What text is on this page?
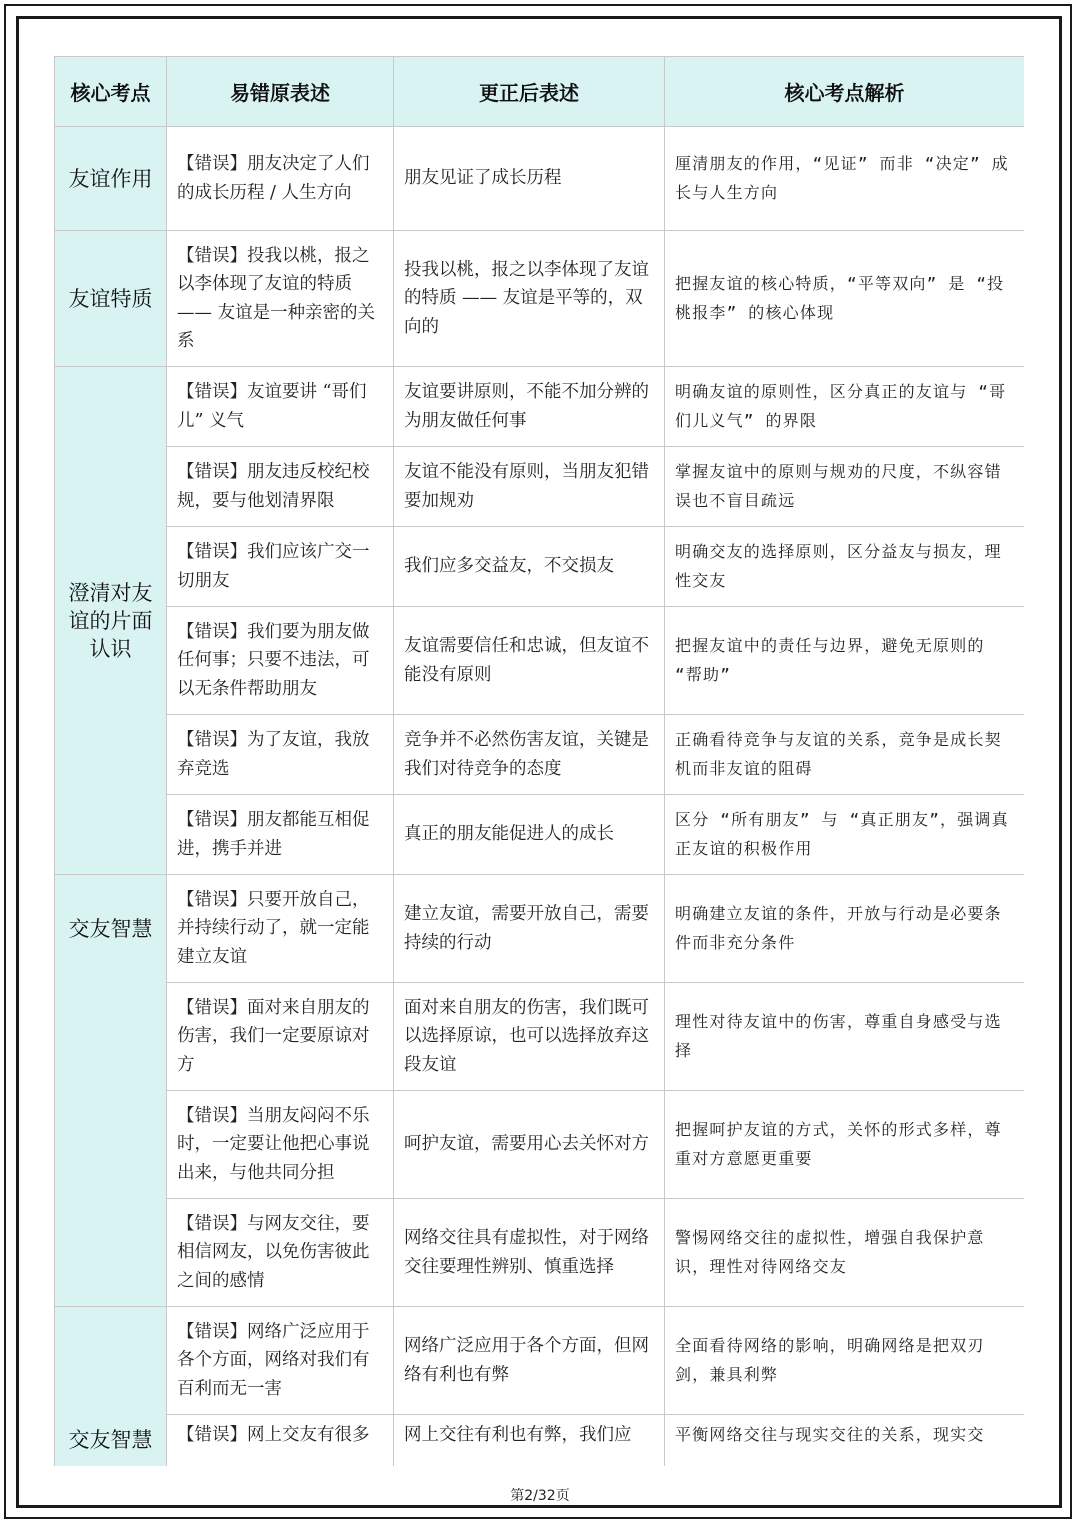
核心考点	易错原表述	更正后表述	核心考点解析
友谊作用	【错误】朋友决定了人们的成长历程 / 人生方向	朋友见证了成长历程	厘清朋友的作用，“见证” 而非 “决定” 成长与人生方向
友谊特质	【错误】投我以桃，报之以李体现了友谊的特质 —— 友谊是一种亲密的关系	投我以桃，报之以李体现了友谊的特质 —— 友谊是平等的，双向的	把握友谊的核心特质，“平等双向” 是 “投桃报李” 的核心体现
澄清对友谊的片面认识	【错误】友谊要讲 “哥们儿” 义气	友谊要讲原则，不能不加分辨的为朋友做任何事	明确友谊的原则性，区分真正的友谊与 “哥们儿义气” 的界限
	【错误】朋友违反校纪校规，要与他划清界限	友谊不能没有原则，当朋友犯错要加规劝	掌握友谊中的原则与规劝的尺度，不纵容错误也不盲目疏远
	【错误】我们应该广交一切朋友	我们应多交益友，不交损友	明确交友的选择原则，区分益友与损友，理性交友
	【错误】我们要为朋友做任何事；只要不违法，可以无条件帮助朋友	友谊需要信任和忠诚，但友谊不能没有原则	把握友谊中的责任与边界，避免无原则的 “帮助”
	【错误】为了友谊，我放弃竞选	竞争并不必然伤害友谊，关键是我们对待竞争的态度	正确看待竞争与友谊的关系，竞争是成长契机而非友谊的阻碍
	【错误】朋友都能互相促进，携手并进	真正的朋友能促进人的成长	区分 “所有朋友” 与 “真正朋友”，强调真正友谊的积极作用
交友智慧	【错误】只要开放自己，并持续行动了，就一定能建立友谊	建立友谊，需要开放自己，需要持续的行动	明确建立友谊的条件，开放与行动是必要条件而非充分条件
	【错误】面对来自朋友的伤害，我们一定要原谅对方	面对来自朋友的伤害，我们既可以选择原谅，也可以选择放弃这段友谊	理性对待友谊中的伤害，尊重自身感受与选择
	【错误】当朋友闷闷不乐时，一定要让他把心事说出来，与他共同分担	呵护友谊，需要用心去关怀对方	把握呵护友谊的方式，关怀的形式多样，尊重对方意愿更重要
	【错误】与网友交往，要相信网友，以免伤害彼此之间的感情	网络交往具有虚拟性，对于网络交往要理性辨别、慎重选择	警惕网络交往的虚拟性，增强自我保护意识，理性对待网络交友
交友智慧	【错误】网络广泛应用于各个方面，网络对我们有百利而无一害	网络广泛应用于各个方面，但网络有利也有弊	全面看待网络的影响，明确网络是把双刃剑，兼具利弊
	【错误】网上交友有很多	网上交往有利也有弊，我们应	平衡网络交往与现实交往的关系，现实交
第2/32页
